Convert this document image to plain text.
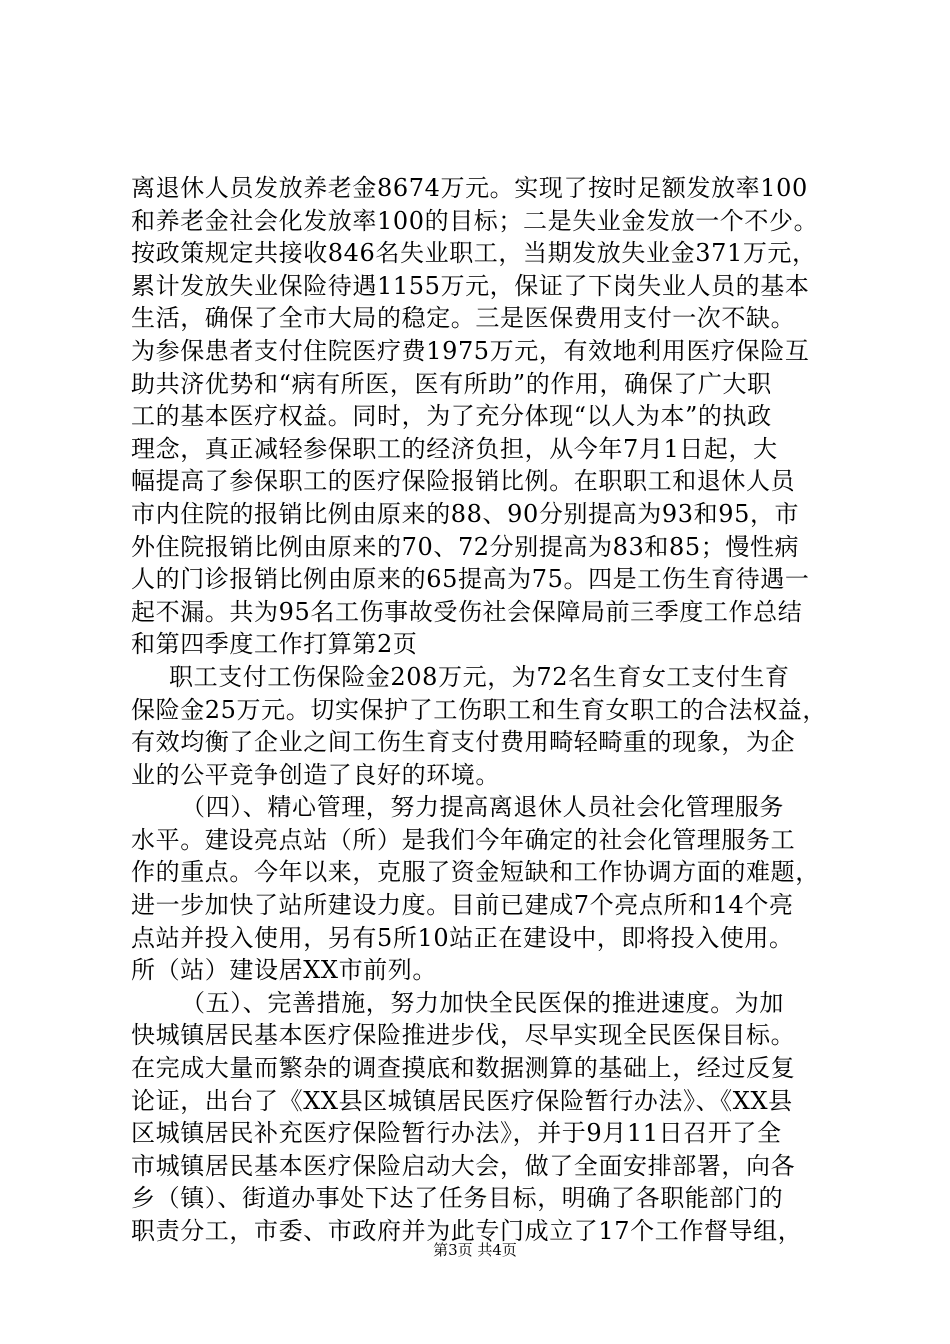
离退休人员发放养老金8674万元。实现了按时足额发放率100
和养老金社会化发放率100的目标；二是失业金发放一个不少。
按政策规定共接收846名失业职工，当期发放失业金371万元，
累计发放失业保险待遇1155万元，保证了下岗失业人员的基本
生活，确保了全市大局的稳定。三是医保费用支付一次不缺。
为参保患者支付住院医疗费1975万元，有效地利用医疗保险互
助共济优势和“病有所医，医有所助”的作用，确保了广大职
工的基本医疗权益。同时，为了充分体现“以人为本”的执政
理念，真正减轻参保职工的经济负担，从今年7月1日起，大
幅提高了参保职工的医疗保险报销比例。在职职工和退休人员
市内住院的报销比例由原来的88、90分别提高为93和95，市
外住院报销比例由原来的70、72分别提高为83和85；慢性病
人的门诊报销比例由原来的65提高为75。四是工伤生育待遇一
起不漏。共为95名工伤事故受伤社会保障局前三季度工作总结
和第四季度工作打算第2页
职工支付工伤保险金208万元，为72名生育女工支付生育
保险金25万元。切实保护了工伤职工和生育女职工的合法权益，
有效均衡了企业之间工伤生育支付费用畸轻畸重的现象，为企
业的公平竞争创造了良好的环境。
（四）、精心管理，努力提高离退休人员社会化管理服务
水平。建设亮点站（所）是我们今年确定的社会化管理服务工
作的重点。今年以来，克服了资金短缺和工作协调方面的难题，
进一步加快了站所建设力度。目前已建成7个亮点所和14个亮
点站并投入使用，另有5所10站正在建设中，即将投入使用。
所（站）建设居XX市前列。
（五）、完善措施，努力加快全民医保的推进速度。为加
快城镇居民基本医疗保险推进步伐，尽早实现全民医保目标。
在完成大量而繁杂的调查摸底和数据测算的基础上，经过反复
论证，出台了《XX县区城镇居民医疗保险暂行办法》、《XX县
区城镇居民补充医疗保险暂行办法》，并于9月11日召开了全
市城镇居民基本医疗保险启动大会，做了全面安排部署，向各
乡（镇）、街道办事处下达了任务目标，明确了各职能部门的
职责分工，市委、市政府并为此专门成立了17个工作督导组，
第3页 共4页
